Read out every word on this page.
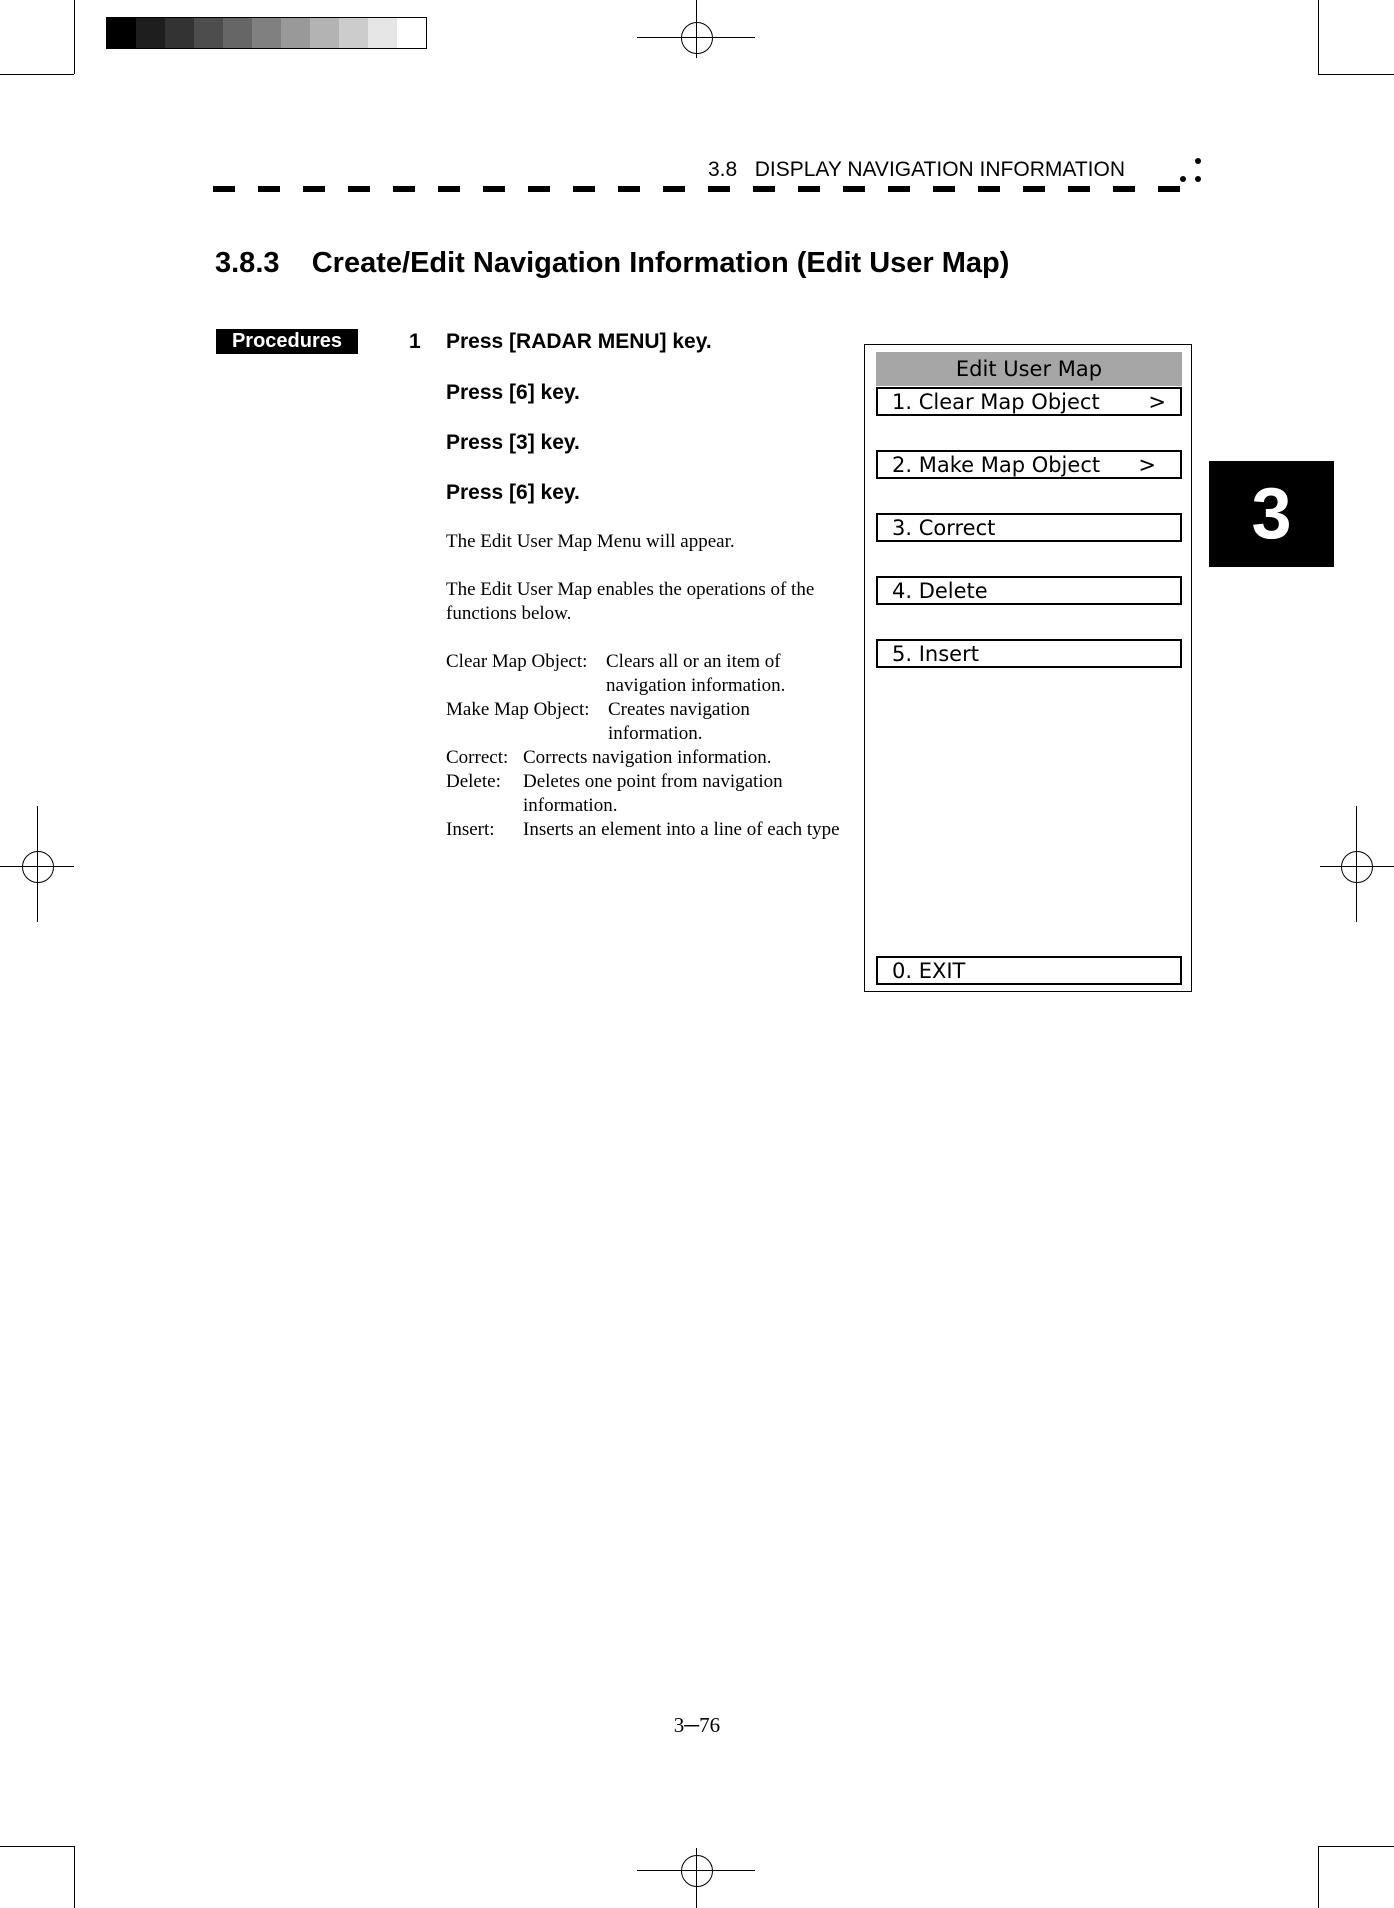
3.8 DISPLAY NAVIGATION INFORMATION
3
3.8.3 Create/Edit Navigation Information (Edit User Map)
Procedures	1 Press [RADAR MENU] key.
Press [6] key.
Press [3] key.
Press [6] key.
The Edit User Map Menu will appear.
The Edit User Map enables the operations of the functions below.
Clear Map Object: Clears all or an item of navigation information.
Make Map Object: Creates navigation information.
Correct: Corrects navigation information.
Delete: Deletes one point from navigation information.
Insert: Inserts an element into a line of each type
Edit User Map
1. Clear Map Object >
2. Make Map Object >
3. Correct
4. Delete
5. Insert
0. EXIT
3─76
